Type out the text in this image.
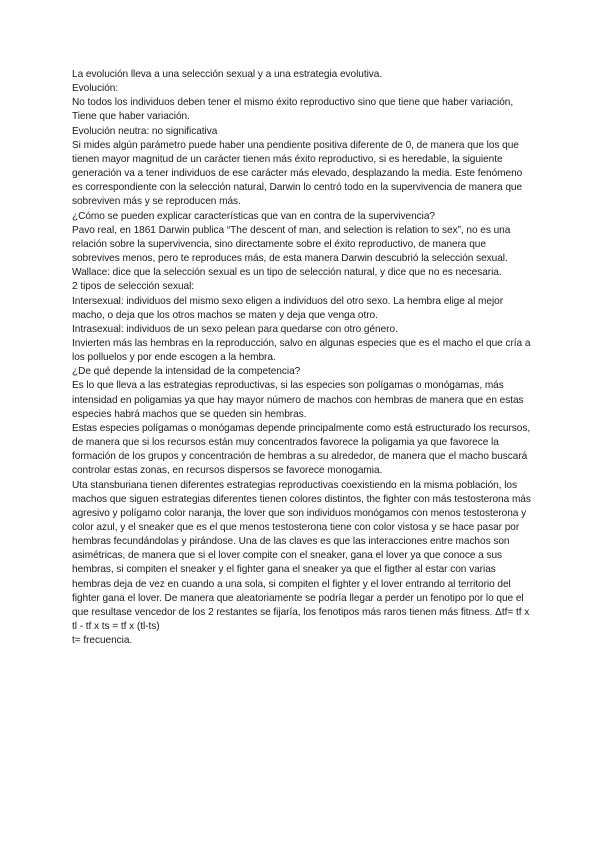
La evolución lleva a una selección sexual y a una estrategia evolutiva.

Evolución:

No todos los individuos deben tener el mismo éxito reproductivo sino que tiene que haber variación,

Tiene que haber variación.

Evolución neutra: no significativa

Si mides algún parámetro puede haber una pendiente positiva diferente de 0, de manera que los que tienen mayor magnitud de un carácter tienen más éxito reproductivo, si es heredable, la siguiente generación va a tener individuos de ese carácter más elevado, desplazando la media. Este fenómeno es correspondiente con la selección natural, Darwin lo centró todo en la supervivencia de manera que sobreviven más y se reproducen más.

¿Cómo se pueden explicar características que van en contra de la supervivencia?

Pavo real, en 1861 Darwin publica “The descent of man, and selection is relation to sex”, no es una relación sobre la supervivencia, sino directamente sobre el éxito reproductivo, de manera que sobrevives menos, pero te reproduces más, de esta manera Darwin descubrió la selección sexual.

Wallace: dice que la selección sexual es un tipo de selección natural, y dice que no es necesaria.

2 tipos de selección sexual:

Intersexual: individuos del mismo sexo eligen a individuos del otro sexo. La hembra elige al mejor macho, o deja que los otros machos se maten y deja que venga otro.

Intrasexual: individuos de un sexo pelean para quedarse con otro género.

Invierten más las hembras en la reproducción, salvo en algunas especies que es el macho el que cría a los polluelos y por ende escogen a la hembra.

¿De qué depende la intensidad de la competencia?

Es lo que lleva a las estrategias reproductivas, si las especies son polígamas o monógamas, más intensidad en poligamias ya que hay mayor número de machos con hembras de manera que en estas especies habrá machos que se queden sin hembras.

Estas especies polígamas o monógamas depende principalmente como está estructurado los recursos, de manera que si los recursos están muy concentrados favorece la poligamia ya que favorece la formación de los grupos y concentración de hembras a su alrededor, de manera que el macho buscará controlar estas zonas, en recursos dispersos se favorece monogamia.

Uta stansburiana tienen diferentes estrategias reproductivas coexistiendo en la misma población, los machos que siguen estrategias diferentes tienen colores distintos, the fighter con más testosterona más agresivo y polígamo color naranja, the lover que son individuos monógamos con menos testosterona y color azul, y el sneaker que es el que menos testosterona tiene con color vistosa y se hace pasar por hembras fecundándolas y pirándose. Una de las claves es que las interacciones entre machos son asimétricas, de manera que si el lover compite con el sneaker, gana el lover ya que conoce a sus hembras, si compiten el sneaker y el fighter gana el sneaker ya que el figther al estar con varias hembras deja de vez en cuando a una sola, si compiten el fighter y el lover entrando al territorio del fighter gana el lover. De manera que aleatoriamente se podría llegar a perder un fenotipo por lo que el que resultase vencedor de los 2 restantes se fijaría, los fenotipos más raros tienen más fitness. Δtf= tf x tl - tf x ts = tf x (tl-ts)

t= frecuencia.
